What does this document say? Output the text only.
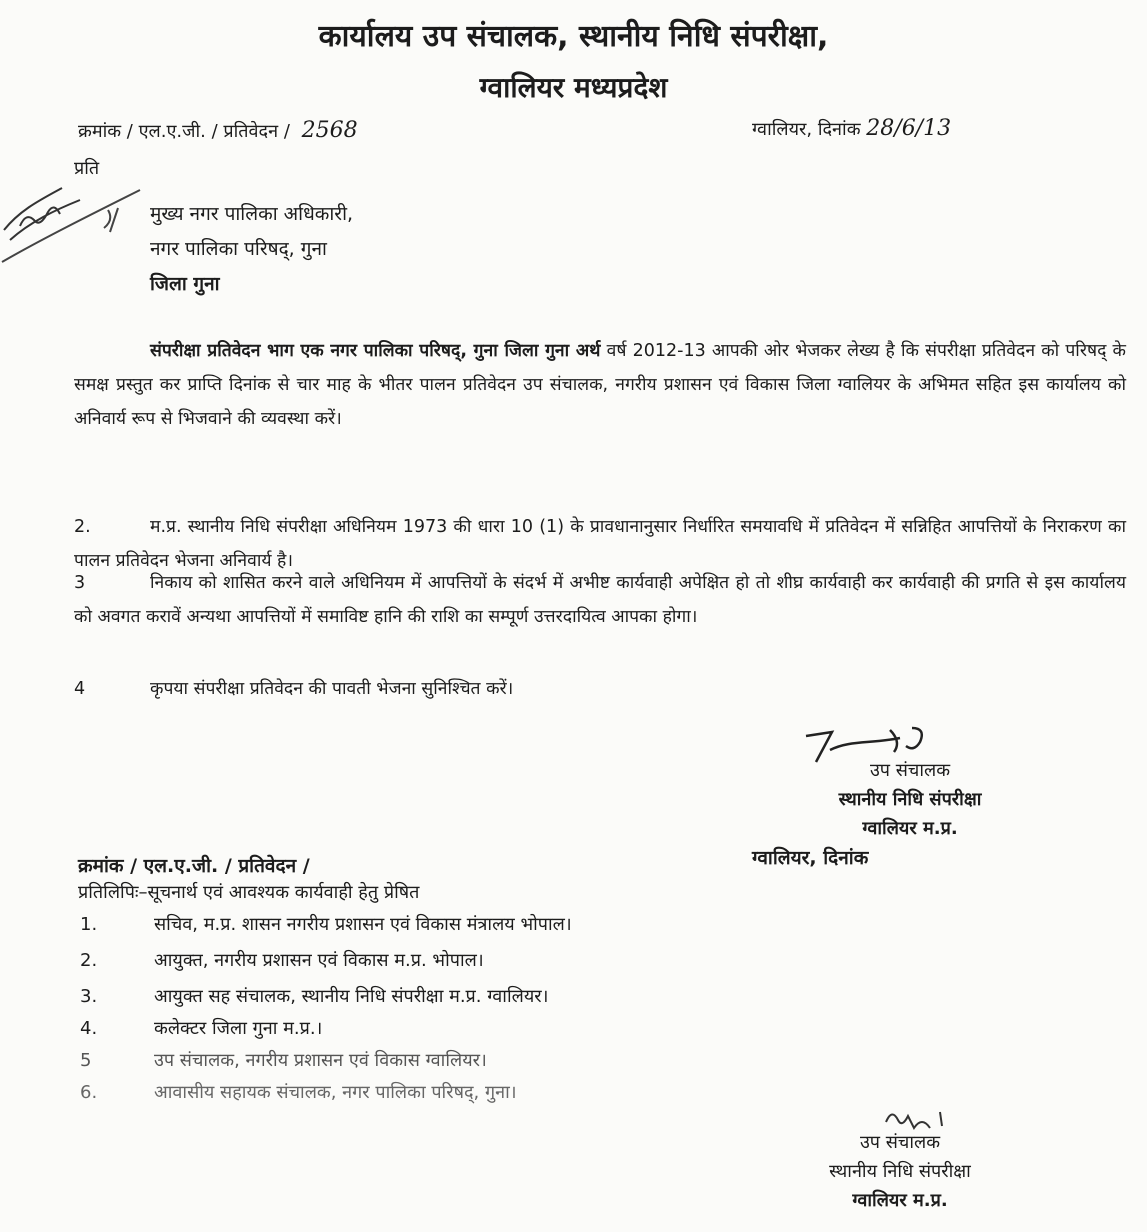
कार्यालय उप संचालक, स्थानीय निधि संपरीक्षा,
ग्वालियर मध्यप्रदेश
क्रमांक / एल.ए.जी. / प्रतिवेदन / 2568	ग्वालियर, दिनांक 28/6/13
प्रति
मुख्य नगर पालिका अधिकारी,
नगर पालिका परिषद्, गुना
जिला गुना
संपरीक्षा प्रतिवेदन भाग एक नगर पालिका परिषद्, गुना जिला गुना अर्थ वर्ष 2012-13 आपकी ओर भेजकर लेख्य है कि संपरीक्षा प्रतिवेदन को परिषद् के समक्ष प्रस्तुत कर प्राप्ति दिनांक से चार माह के भीतर पालन प्रतिवेदन उप संचालक, नगरीय प्रशासन एवं विकास जिला ग्वालियर के अभिमत सहित इस कार्यालय को अनिवार्य रूप से भिजवाने की व्यवस्था करें।
2.	म.प्र. स्थानीय निधि संपरीक्षा अधिनियम 1973 की धारा 10 (1) के प्रावधानानुसार निर्धारित समयावधि में प्रतिवेदन में सन्निहित आपत्तियों के निराकरण का पालन प्रतिवेदन भेजना अनिवार्य है।
3	निकाय को शासित करने वाले अधिनियम में आपत्तियों के संदर्भ में अभीष्ट कार्यवाही अपेक्षित हो तो शीघ्र कार्यवाही कर कार्यवाही की प्रगति से इस कार्यालय को अवगत करावें अन्यथा आपत्तियों में समाविष्ट हानि की राशि का सम्पूर्ण उत्तरदायित्व आपका होगा।
4	कृपया संपरीक्षा प्रतिवेदन की पावती भेजना सुनिश्चित करें।
उप संचालक
स्थानीय निधि संपरीक्षा
ग्वालियर म.प्र.
क्रमांक / एल.ए.जी. / प्रतिवेदन /	ग्वालियर, दिनांक
प्रतिलिपिः–सूचनार्थ एवं आवश्यक कार्यवाही हेतु प्रेषित
1.	सचिव, म.प्र. शासन नगरीय प्रशासन एवं विकास मंत्रालय भोपाल।
2.	आयुक्त, नगरीय प्रशासन एवं विकास म.प्र. भोपाल।
3.	आयुक्त सह संचालक, स्थानीय निधि संपरीक्षा म.प्र. ग्वालियर।
4.	कलेक्टर जिला गुना म.प्र.।
5	उप संचालक, नगरीय प्रशासन एवं विकास ग्वालियर।
6.	आवासीय सहायक संचालक, नगर पालिका परिषद्, गुना।
उप संचालक
स्थानीय निधि संपरीक्षा
ग्वालियर म.प्र.
